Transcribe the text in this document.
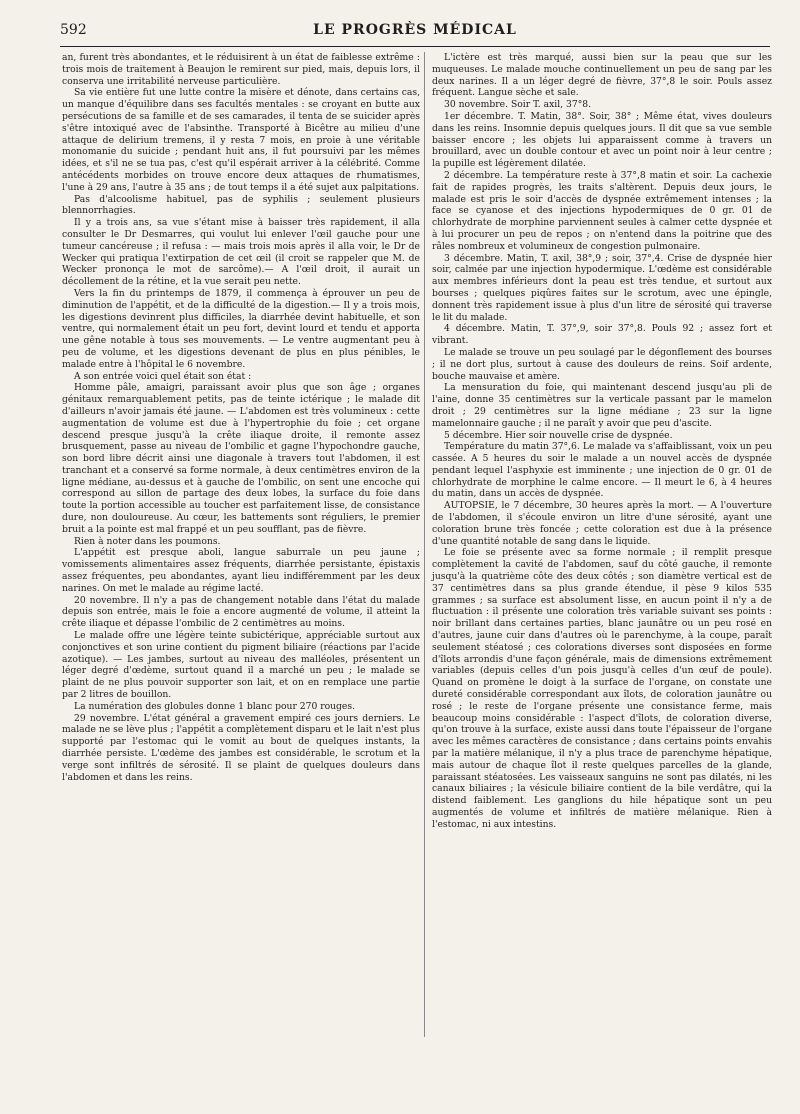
592	LE PROGRÈS MÉDICAL

an, furent très abondantes, et le réduisirent à un état de faiblesse extrême : trois mois de traitement à Beaujon le remirent sur pied, mais, depuis lors, il conserva une irritabilité nerveuse particulière.

Sa vie entière fut une lutte contre la misère et dénote, dans certains cas, un manque d'équilibre dans ses facultés mentales : se croyant en butte aux persécutions de sa famille et de ses camarades, il tenta de se suicider après s'être intoxiqué avec de l'absinthe. Transporté à Bicêtre au milieu d'une attaque de delirium tremens, il y resta 7 mois, en proie à une véritable monomanie du suicide ; pendant huit ans, il fut poursuivi par les mêmes idées, et s'il ne se tua pas, c'est qu'il espérait arriver à la célébrité. Comme antécédents morbides on trouve encore deux attaques de rhumatismes, l'une à 29 ans, l'autre à 35 ans ; de tout temps il a été sujet aux palpitations.

Pas d'alcoolisme habituel, pas de syphilis ; seulement plusieurs blennorrhagies.

Il y a trois ans, sa vue s'étant mise à baisser très rapidement, il alla consulter le Dr Desmarres, qui voulut lui enlever l'œil gauche pour une tumeur cancéreuse ; il refusa : — mais trois mois après il alla voir, le Dr de Wecker qui pratiqua l'extirpation de cet œil (il croit se rappeler que M. de Wecker prononça le mot de sarcôme).— A l'œil droit, il aurait un décollement de la rétine, et la vue serait peu nette.

Vers la fin du printemps de 1879, il commença à éprouver un peu de diminution de l'appétit, et de la difficulté de la digestion.— Il y a trois mois, les digestions devinrent plus difficiles, la diarrhée devint habituelle, et son ventre, qui normalement était un peu fort, devint lourd et tendu et apporta une gêne notable à tous ses mouvements. — Le ventre augmentant peu à peu de volume, et les digestions devenant de plus en plus pénibles, le malade entre à l'hôpital le 6 novembre.

A son entrée voici quel était son état :

Homme pâle, amaigri, paraissant avoir plus que son âge ; organes génitaux remarquablement petits, pas de teinte ictérique ; le malade dit d'ailleurs n'avoir jamais été jaune. — L'abdomen est très volumineux : cette augmentation de volume est due à l'hypertrophie du foie ; cet organe descend presque jusqu'à la crête iliaque droite, il remonte assez brusquement, passe au niveau de l'ombilic et gagne l'hypochondre gauche, son bord libre décrit ainsi une diagonale à travers tout l'abdomen, il est tranchant et a conservé sa forme normale, à deux centimètres environ de la ligne médiane, au-dessus et à gauche de l'ombilic, on sent une encoche qui correspond au sillon de partage des deux lobes, la surface du foie dans toute la portion accessible au toucher est parfaitement lisse, de consistance dure, non douloureuse. Au cœur, les battements sont réguliers, le premier bruit a la pointe est mal frappé et un peu soufflant, pas de fièvre.

Rien à noter dans les poumons.

L'appétit est presque aboli, langue saburrale un peu jaune ; vomissements alimentaires assez fréquents, diarrhée persistante, épistaxis assez fréquentes, peu abondantes, ayant lieu indifféremment par les deux narines. On met le malade au régime lacté.

20 novembre. Il n'y a pas de changement notable dans l'état du malade depuis son entrée, mais le foie a encore augmenté de volume, il atteint la crête iliaque et dépasse l'ombilic de 2 centimètres au moins.

Le malade offre une légère teinte subictérique, appréciable surtout aux conjonctives et son urine contient du pigment biliaire (réactions par l'acide azotique). — Les jambes, surtout au niveau des malléoles, présentent un léger degré d'œdème, surtout quand il a marché un peu ; le malade se plaint de ne plus pouvoir supporter son lait, et on en remplace une partie par 2 litres de bouillon.

La numération des globules donne 1 blanc pour 270 rouges.

29 novembre. L'état général a gravement empiré ces jours derniers. Le malade ne se lève plus ; l'appétit a complètement disparu et le lait n'est plus supporté par l'estomac qui le vomit au bout de quelques instants, la diarrhée persiste. L'œdème des jambes est considérable, le scrotum et la verge sont infiltrés de sérosité. Il se plaint de quelques douleurs dans l'abdomen et dans les reins.

L'ictère est très marqué, aussi bien sur la peau que sur les muqueuses. Le malade mouche continuellement un peu de sang par les deux narines. Il a un léger degré de fièvre, 37°,8 le soir. Pouls assez fréquent. Langue sèche et sale.

30 novembre. Soir T. axil, 37°8.

1er décembre. T. Matin, 38°. Soir, 38° ; Même état, vives douleurs dans les reins. Insomnie depuis quelques jours. Il dit que sa vue semble baisser encore ; les objets lui apparaissent comme à travers un brouillard, avec un double contour et avec un point noir à leur centre ; la pupille est légèrement dilatée.

2 décembre. La température reste à 37°,8 matin et soir. La cachexie fait de rapides progrès, les traits s'altèrent. Depuis deux jours, le malade est pris le soir d'accès de dyspnée extrêmement intenses ; la face se cyanose et des injections hypodermiques de 0 gr. 01 de chlorhydrate de morphine parviennent seules à calmer cette dyspnée et à lui procurer un peu de repos ; on n'entend dans la poitrine que des râles nombreux et volumineux de congestion pulmonaire.

3 décembre. Matin, T. axil, 38°,9 ; soir, 37°,4. Crise de dyspnée hier soir, calmée par une injection hypodermique. L'œdème est considérable aux membres inférieurs dont la peau est très tendue, et surtout aux bourses ; quelques piqûres faites sur le scrotum, avec une épingle, donnent très rapidement issue à plus d'un litre de sérosité qui traverse le lit du malade.

4 décembre. Matin, T. 37°,9, soir 37°,8. Pouls 92 ; assez fort et vibrant.

Le malade se trouve un peu soulagé par le dégonflement des bourses ; il ne dort plus, surtout à cause des douleurs de reins. Soif ardente, bouche mauvaise et amère.

La mensuration du foie, qui maintenant descend jusqu'au pli de l'aine, donne 35 centimètres sur la verticale passant par le mamelon droit ; 29 centimètres sur la ligne médiane ; 23 sur la ligne mamelonnaire gauche ; il ne paraît y avoir que peu d'ascite.

5 décembre. Hier soir nouvelle crise de dyspnée.

Température du matin 37°,6. Le malade va s'affaiblissant, voix un peu cassée. A 5 heures du soir le malade a un nouvel accès de dyspnée pendant lequel l'asphyxie est imminente ; une injection de 0 gr. 01 de chlorhydrate de morphine le calme encore. — Il meurt le 6, à 4 heures du matin, dans un accès de dyspnée.

AUTOPSIE, le 7 décembre, 30 heures après la mort. — A l'ouverture de l'abdomen, il s'écoule environ un litre d'une sérosité, ayant une coloration brune très foncée ; cette coloration est due à la présence d'une quantité notable de sang dans le liquide.

Le foie se présente avec sa forme normale ; il remplit presque complètement la cavité de l'abdomen, sauf du côté gauche, il remonte jusqu'à la quatrième côte des deux côtés ; son diamètre vertical est de 37 centimètres dans sa plus grande étendue, il pèse 9 kilos 535 grammes ; sa surface est absolument lisse, en aucun point il n'y a de fluctuation : il présente une coloration très variable suivant ses points : noir brillant dans certaines parties, blanc jaunâtre ou un peu rosé en d'autres, jaune cuir dans d'autres où le parenchyme, à la coupe, paraît seulement stéatosé ; ces colorations diverses sont disposées en forme d'îlots arrondis d'une façon générale, mais de dimensions extrêmement variables (depuis celles d'un pois jusqu'à celles d'un œuf de poule). Quand on promène le doigt à la surface de l'organe, on constate une dureté considérable correspondant aux îlots, de coloration jaunâtre ou rosé ; le reste de l'organe présente une consistance ferme, mais beaucoup moins considérable : l'aspect d'îlots, de coloration diverse, qu'on trouve à la surface, existe aussi dans toute l'épaisseur de l'organe avec les mêmes caractères de consistance ; dans certains points envahis par la matière mélanique, il n'y a plus trace de parenchyme hépatique, mais autour de chaque îlot il reste quelques parcelles de la glande, paraissant stéatosées. Les vaisseaux sanguins ne sont pas dilatés, ni les canaux biliaires ; la vésicule biliaire contient de la bile verdâtre, qui la distend faiblement. Les ganglions du hile hépatique sont un peu augmentés de volume et infiltrés de matière mélanique. Rien à l'estomac, ni aux intestins.
